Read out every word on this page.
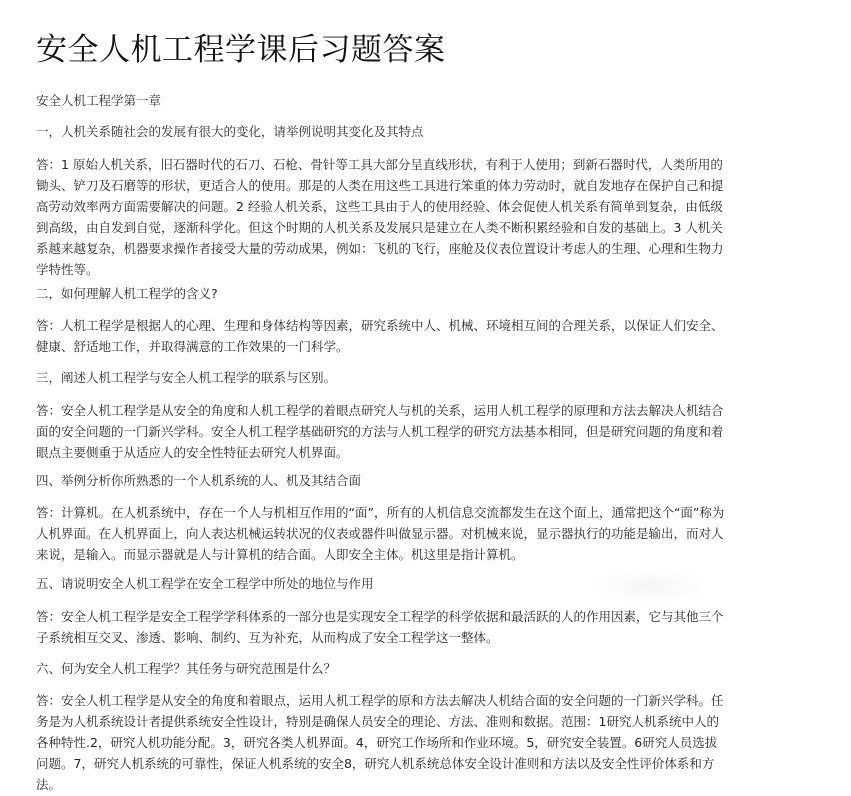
安全人机工程学课后习题答案
安全人机工程学第一章
一，人机关系随社会的发展有很大的变化，请举例说明其变化及其特点
答：1 原始人机关系，旧石器时代的石刀、石枪、骨针等工具大部分呈直线形状，有利于人使用；到新石器时代，人类所用的
锄头、铲刀及石磨等的形状，更适合人的使用。那是的人类在用这些工具进行笨重的体力劳动时，就自发地存在保护自己和提
高劳动效率两方面需要解决的问题。2 经验人机关系，这些工具由于人的使用经验、体会促使人机关系有简单到复杂，由低级
到高级，由自发到自觉，逐渐科学化。但这个时期的人机关系及发展只是建立在人类不断积累经验和自发的基础上。3 人机关
系越来越复杂，机器要求操作者接受大量的劳动成果，例如：飞机的飞行，座舱及仪表位置设计考虑人的生理、心理和生物力
学特性等。
二，如何理解人机工程学的含义?
答：人机工程学是根据人的心理、生理和身体结构等因素，研究系统中人、机械、环境相互间的合理关系，以保证人们安全、
健康、舒适地工作，并取得满意的工作效果的一门科学。
三，阐述人机工程学与安全人机工程学的联系与区别。
答：安全人机工程学是从安全的角度和人机工程学的着眼点研究人与机的关系，运用人机工程学的原理和方法去解决人机结合
面的安全问题的一门新兴学科。安全人机工程学基础研究的方法与人机工程学的研究方法基本相同，但是研究问题的角度和着
眼点主要侧重于从适应人的安全性特征去研究人机界面。
四、举例分析你所熟悉的一个人机系统的人、机及其结合面
答：计算机。在人机系统中，存在一个人与机相互作用的“面”，所有的人机信息交流都发生在这个面上，通常把这个“面”称为
人机界面。在人机界面上，向人表达机械运转状况的仪表或器件叫做显示器。对机械来说，显示器执行的功能是输出，而对人
来说，是输入。而显示器就是人与计算机的结合面。人即安全主体。机这里是指计算机。
五、请说明安全人机工程学在安全工程学中所处的地位与作用
答：安全人机工程学是安全工程学学科体系的一部分也是实现安全工程学的科学依据和最活跃的人的作用因素，它与其他三个
子系统相互交叉、渗透、影响、制约、互为补充，从而构成了安全工程学这一整体。
六、何为安全人机工程学？其任务与研究范围是什么？
答：安全人机工程学是从安全的角度和着眼点，运用人机工程学的原和方法去解决人机结合面的安全问题的一门新兴学科。任
务是为人机系统设计者提供系统安全性设计，特别是确保人员安全的理论、方法、准则和数据。范围：1研究人机系统中人的
各种特性.2，研究人机功能分配。3，研究各类人机界面。4，研究工作场所和作业环境。5，研究安全装置。6研究人员选拔
问题。7，研究人机系统的可靠性，保证人机系统的安全8，研究人机系统总体安全设计准则和方法以及安全性评价体系和方
法。
